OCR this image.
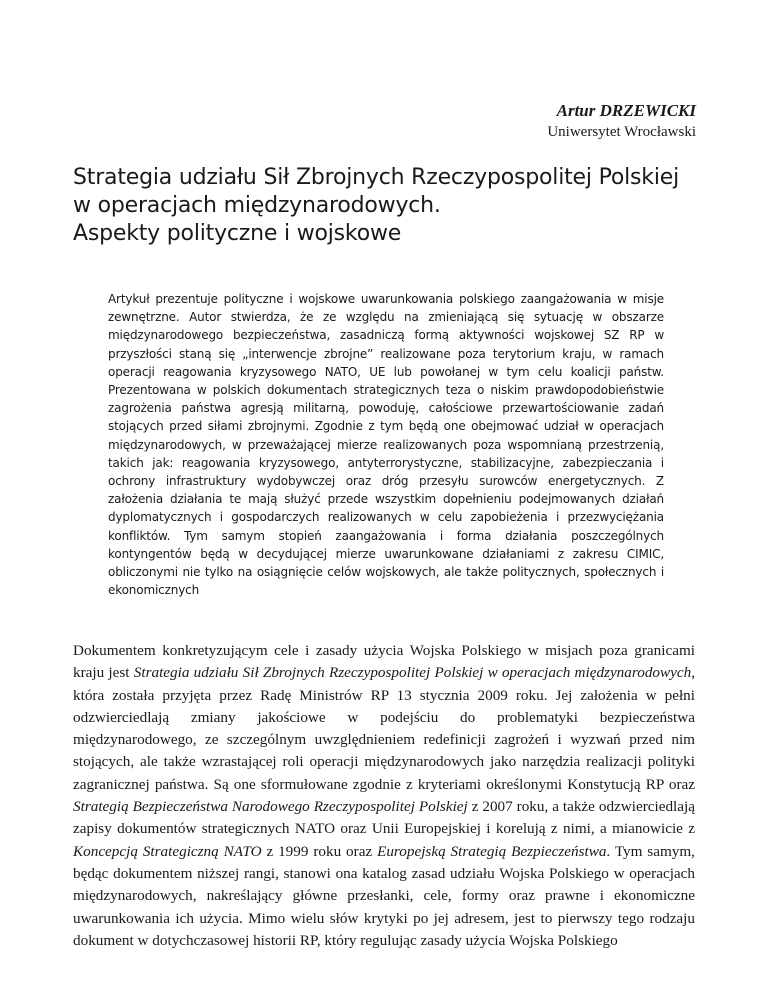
Artur DRZEWICKI
Uniwersytet Wrocławski
Strategia udziału Sił Zbrojnych Rzeczypospolitej Polskiej
w operacjach międzynarodowych.
Aspekty polityczne i wojskowe

Artykuł prezentuje polityczne i wojskowe uwarunkowania polskiego zaangażowania w misje zewnętrzne. Autor stwierdza, że ze względu na zmieniającą się sytuację w obszarze międzynarodowego bezpieczeństwa, zasadniczą formą aktywności wojskowej SZ RP w przyszłości staną się „interwencje zbrojne” realizowane poza terytorium kraju, w ramach operacji reagowania kryzysowego NATO, UE lub powołanej w tym celu koalicji państw. Prezentowana w polskich dokumentach strategicznych teza o niskim prawdopodobieństwie zagrożenia państwa agresją militarną, powoduję, całościowe przewartościowanie zadań stojących przed siłami zbrojnymi. Zgodnie z tym będą one obejmować udział w operacjach międzynarodowych, w przeważającej mierze realizowanych poza wspomnianą przestrzenią, takich jak: reagowania kryzysowego, antyterrorystyczne, stabilizacyjne, zabezpieczania i ochrony infrastruktury wydobywczej oraz dróg przesyłu surowców energetycznych. Z założenia działania te mają służyć przede wszystkim dopełnieniu podejmowanych działań dyplomatycznych i gospodarczych realizowanych w celu zapobieżenia i przezwyciężania konfliktów. Tym samym stopień zaangażowania i forma działania poszczególnych kontyngentów będą w decydującej mierze uwarunkowane działaniami z zakresu CIMIC, obliczonymi nie tylko na osiągnięcie celów wojskowych, ale także politycznych, społecznych i ekonomicznych

Dokumentem konkretyzującym cele i zasady użycia Wojska Polskiego w misjach poza granicami kraju jest Strategia udziału Sił Zbrojnych Rzeczypospolitej Polskiej w operacjach międzynarodowych, która została przyjęta przez Radę Ministrów RP 13 stycznia 2009 roku. Jej założenia w pełni odzwierciedlają zmiany jakościowe w podejściu do problematyki bezpieczeństwa międzynarodowego, ze szczególnym uwzględnieniem redefinicji zagrożeń i wyzwań przed nim stojących, ale także wzrastającej roli operacji międzynarodowych jako narzędzia realizacji polityki zagranicznej państwa. Są one sformułowane zgodnie z kryteriami określonymi Konstytucją RP oraz Strategią Bezpieczeństwa Narodowego Rzeczypospolitej Polskiej z 2007 roku, a także odzwierciedlają zapisy dokumentów strategicznych NATO oraz Unii Europejskiej i korelują z nimi, a mianowicie z Koncepcją Strategiczną NATO z 1999 roku oraz Europejską Strategią Bezpieczeństwa. Tym samym, będąc dokumentem niższej rangi, stanowi ona katalog zasad udziału Wojska Polskiego w operacjach międzynarodowych, nakreślający główne przesłanki, cele, formy oraz prawne i ekonomiczne uwarunkowania ich użycia. Mimo wielu słów krytyki po jej adresem, jest to pierwszy tego rodzaju dokument w dotychczasowej historii RP, który regulując zasady użycia Wojska Polskiego
